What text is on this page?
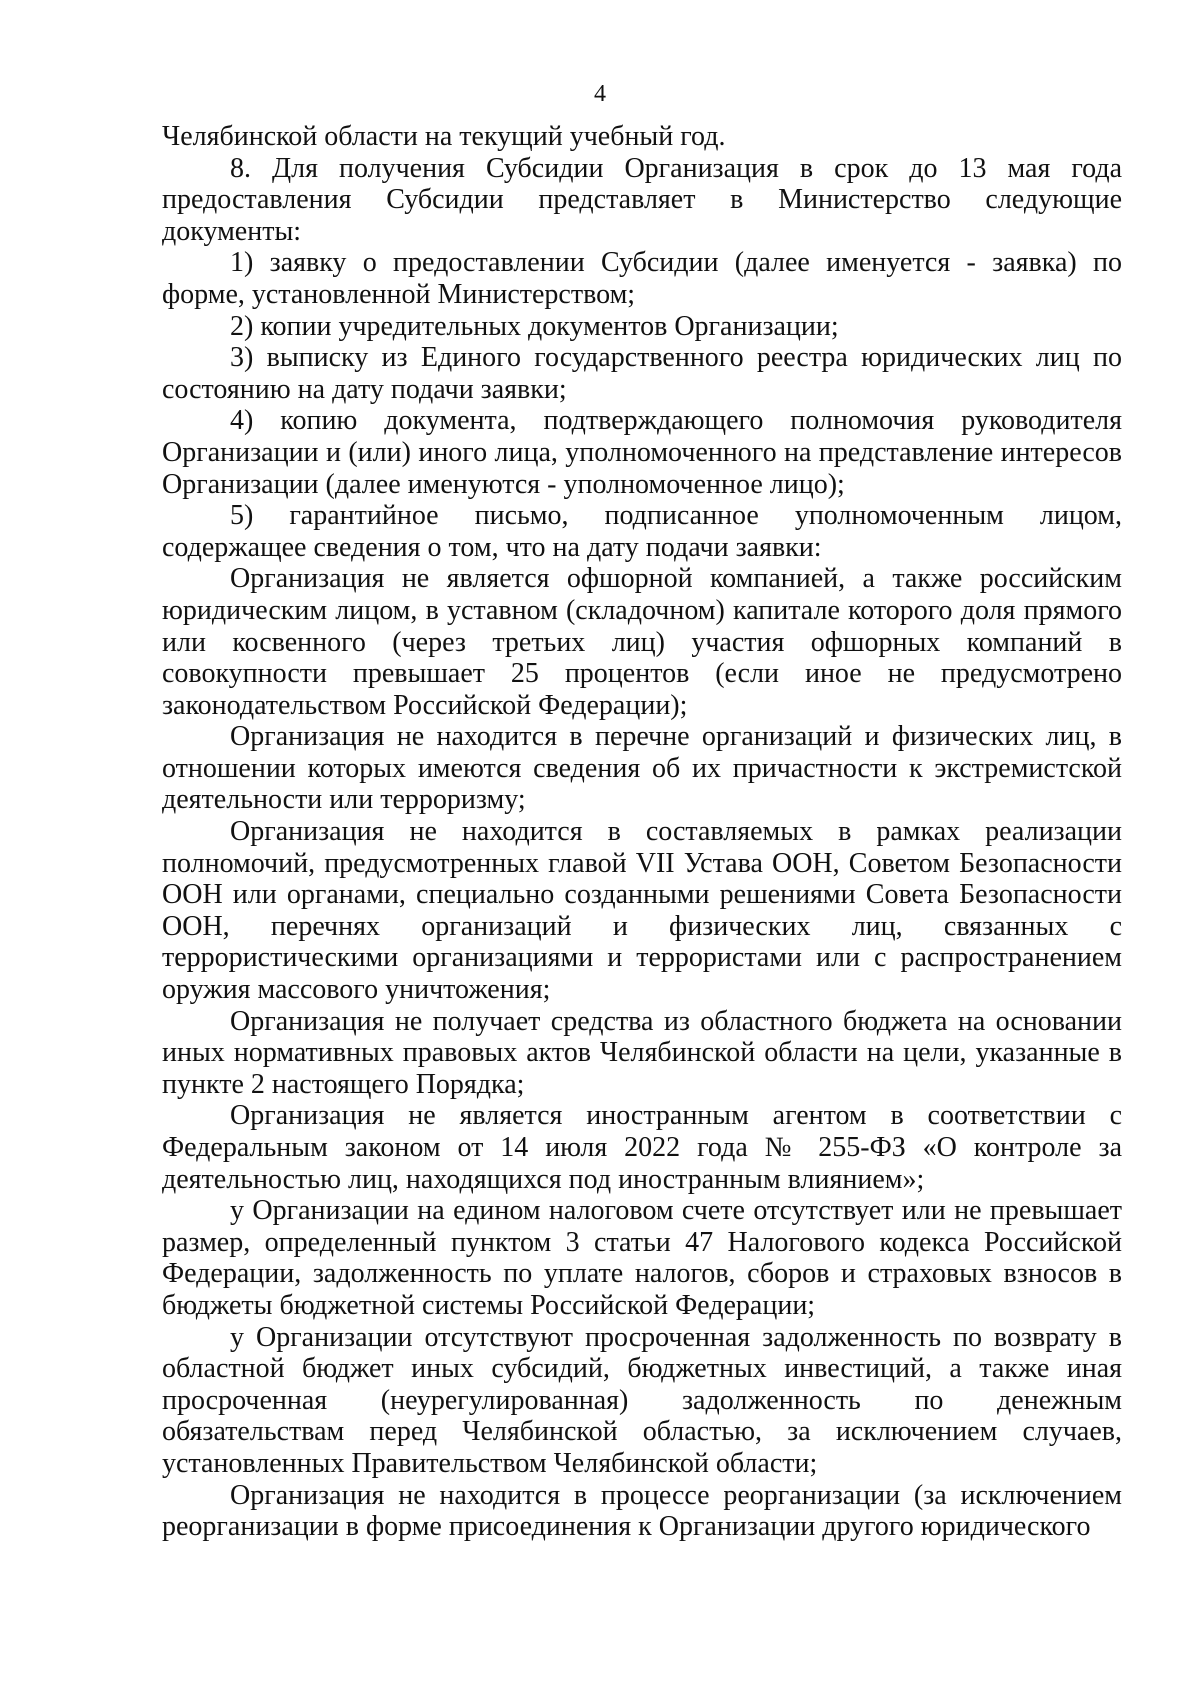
4

Челябинской области на текущий учебный год.

8. Для получения Субсидии Организация в срок до 13 мая года предоставления Субсидии представляет в Министерство следующие документы:

1) заявку о предоставлении Субсидии (далее именуется - заявка) по форме, установленной Министерством;

2) копии учредительных документов Организации;

3) выписку из Единого государственного реестра юридических лиц по состоянию на дату подачи заявки;

4) копию документа, подтверждающего полномочия руководителя Организации и (или) иного лица, уполномоченного на представление интересов Организации (далее именуются - уполномоченное лицо);

5) гарантийное письмо, подписанное уполномоченным лицом, содержащее сведения о том, что на дату подачи заявки:

Организация не является офшорной компанией, а также российским юридическим лицом, в уставном (складочном) капитале которого доля прямого или косвенного (через третьих лиц) участия офшорных компаний в совокупности превышает 25 процентов (если иное не предусмотрено законодательством Российской Федерации);

Организация не находится в перечне организаций и физических лиц, в отношении которых имеются сведения об их причастности к экстремистской деятельности или терроризму;

Организация не находится в составляемых в рамках реализации полномочий, предусмотренных главой VII Устава ООН, Советом Безопасности ООН или органами, специально созданными решениями Совета Безопасности ООН, перечнях организаций и физических лиц, связанных с террористическими организациями и террористами или с распространением оружия массового уничтожения;

Организация не получает средства из областного бюджета на основании иных нормативных правовых актов Челябинской области на цели, указанные в пункте 2 настоящего Порядка;

Организация не является иностранным агентом в соответствии с Федеральным законом от 14 июля 2022 года № 255-ФЗ «О контроле за деятельностью лиц, находящихся под иностранным влиянием»;

у Организации на едином налоговом счете отсутствует или не превышает размер, определенный пунктом 3 статьи 47 Налогового кодекса Российской Федерации, задолженность по уплате налогов, сборов и страховых взносов в бюджеты бюджетной системы Российской Федерации;

у Организации отсутствуют просроченная задолженность по возврату в областной бюджет иных субсидий, бюджетных инвестиций, а также иная просроченная (неурегулированная) задолженность по денежным обязательствам перед Челябинской областью, за исключением случаев, установленных Правительством Челябинской области;

Организация не находится в процессе реорганизации (за исключением реорганизации в форме присоединения к Организации другого юридического
